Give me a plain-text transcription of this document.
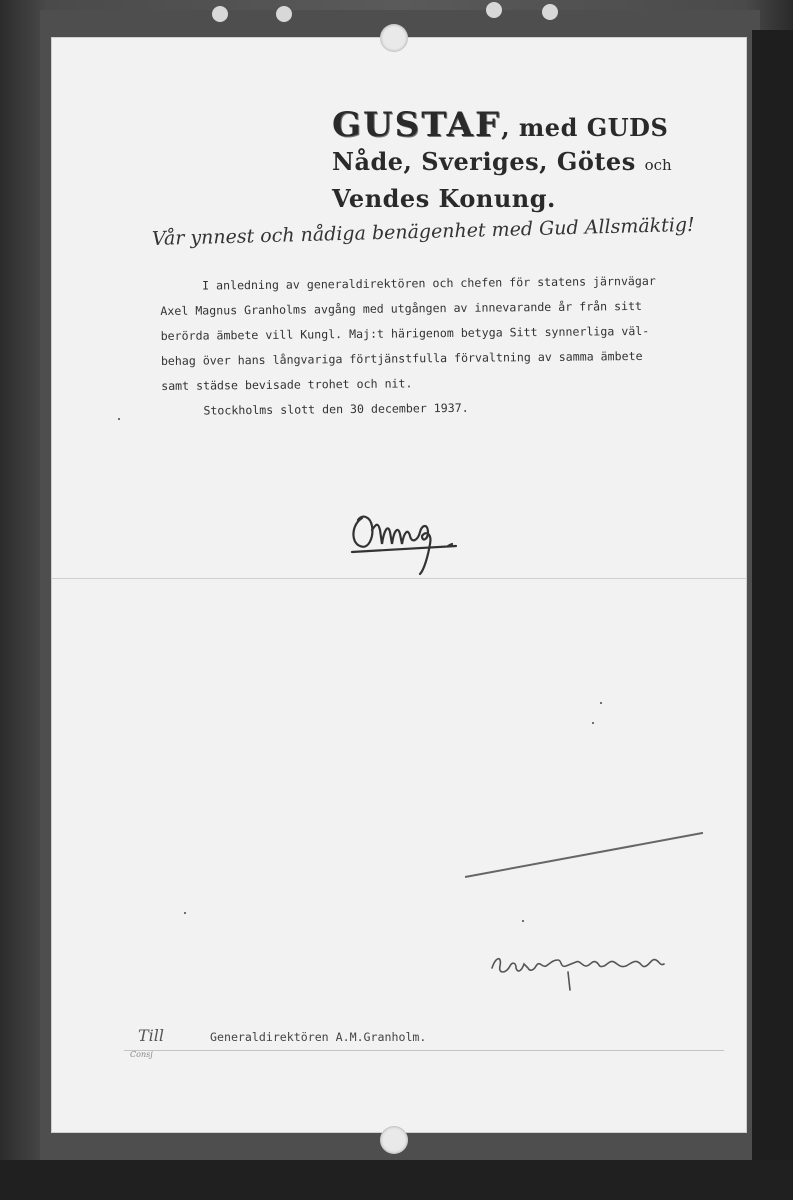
GUSTAF, med GUDS
Nåde, Sveriges, Götes och
Vendes Konung.
Vår ynnest och nådiga benägenhet med Gud Allsmäktig!
I anledning av generaldirektören och chefen för statens järnvägar
Axel Magnus Granholms avgång med utgången av innevarande år från sitt
berörda ämbete vill Kungl. Maj:t härigenom betyga Sitt synnerliga väl-
behag över hans långvariga förtjänstfulla förvaltning av samma ämbete
samt städse bevisade trohet och nit.
Stockholms slott den 30 december 1937.
Till
Consj
Generaldirektören A.M.Granholm.
